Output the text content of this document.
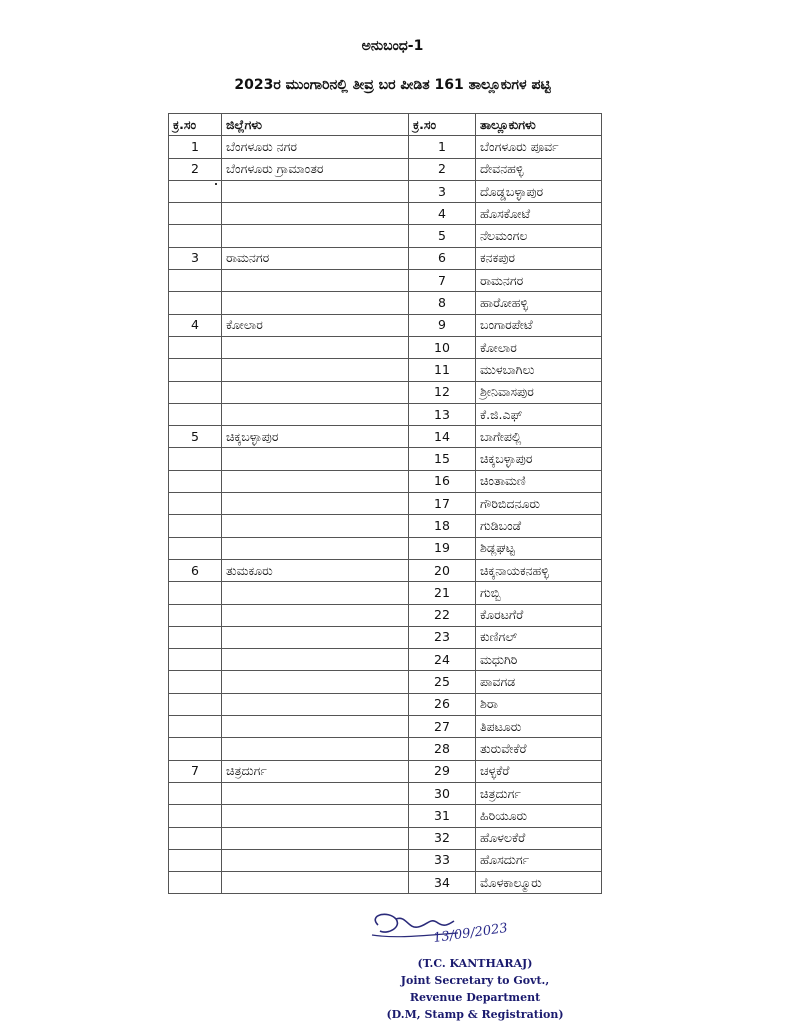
ಅನುಬಂಧ-1
2023ರ ಮುಂಗಾರಿನಲ್ಲಿ ತೀವ್ರ ಬರ ಪೀಡಿತ 161 ತಾಲ್ಲೂಕುಗಳ ಪಟ್ಟಿ
ಕ್ರ.ಸಂ	ಜಿಲ್ಲೆಗಳು	ಕ್ರ.ಸಂ	ತಾಲ್ಲೂಕುಗಳು
1	ಬೆಂಗಳೂರು ನಗರ	1	ಬೆಂಗಳೂರು ಪೂರ್ವ
2	ಬೆಂಗಳೂರು ಗ್ರಾಮಾಂತರ	2	ದೇವನಹಳ್ಳಿ
		3	ದೊಡ್ಡಬಳ್ಳಾಪುರ
		4	ಹೊಸಕೋಟೆ
		5	ನೆಲಮಂಗಲ
3	ರಾಮನಗರ	6	ಕನಕಪುರ
		7	ರಾಮನಗರ
		8	ಹಾರೋಹಳ್ಳಿ
4	ಕೋಲಾರ	9	ಬಂಗಾರಪೇಟೆ
		10	ಕೋಲಾರ
		11	ಮುಳಬಾಗಿಲು
		12	ಶ್ರೀನಿವಾಸಪುರ
		13	ಕೆ.ಜಿ.ಎಫ್
5	ಚಿಕ್ಕಬಳ್ಳಾಪುರ	14	ಬಾಗೇಪಲ್ಲಿ
		15	ಚಿಕ್ಕಬಳ್ಳಾಪುರ
		16	ಚಿಂತಾಮಣಿ
		17	ಗೌರಿಬಿದನೂರು
		18	ಗುಡಿಬಂಡೆ
		19	ಶಿಡ್ಲಘಟ್ಟ
6	ತುಮಕೂರು	20	ಚಿಕ್ಕನಾಯಕನಹಳ್ಳಿ
		21	ಗುಬ್ಬಿ
		22	ಕೊರಟಗೆರೆ
		23	ಕುಣಿಗಲ್
		24	ಮಧುಗಿರಿ
		25	ಪಾವಗಡ
		26	ಶಿರಾ
		27	ತಿಪಟೂರು
		28	ತುರುವೇಕೆರೆ
7	ಚಿತ್ರದುರ್ಗ	29	ಚಳ್ಳಕೆರೆ
		30	ಚಿತ್ರದುರ್ಗ
		31	ಹಿರಿಯೂರು
		32	ಹೊಳಲಕೆರೆ
		33	ಹೊಸದುರ್ಗ
		34	ಮೊಳಕಾಲ್ಮೂರು
13/09/2023
(T.C. KANTHARAJ)
Joint Secretary to Govt.,
Revenue Department
(D.M, Stamp & Registration)
